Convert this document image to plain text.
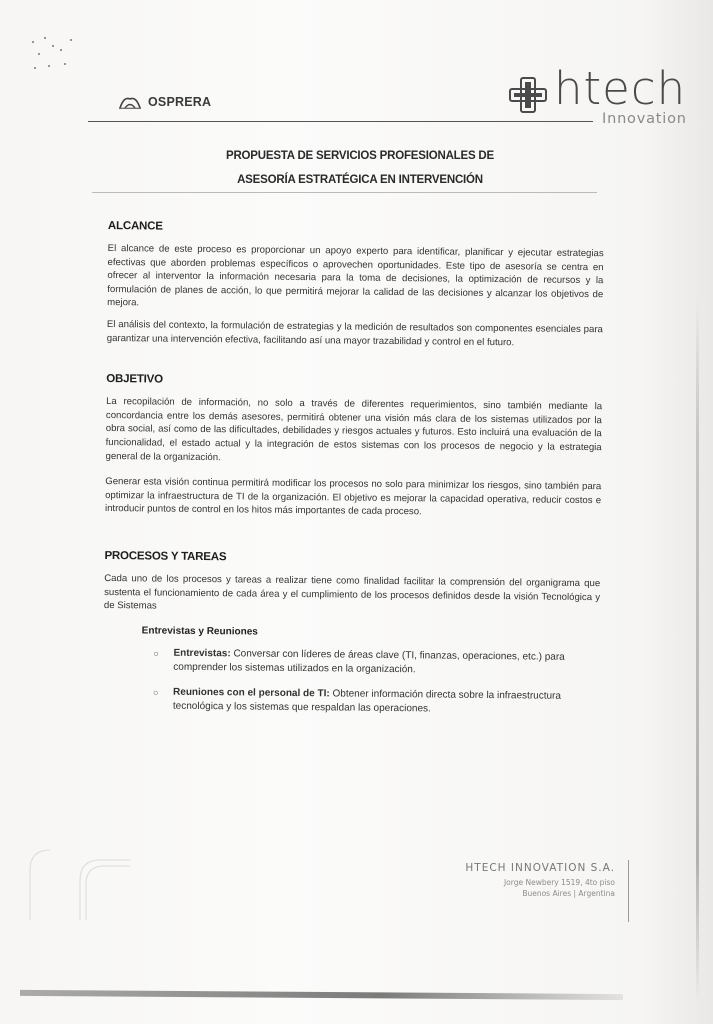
OSPRERA	htech
Innovation
PROPUESTA DE SERVICIOS PROFESIONALES DE
ASESORÍA ESTRATÉGICA EN INTERVENCIÓN
ALCANCE

El alcance de este proceso es proporcionar un apoyo experto para identificar, planificar y ejecutar estrategias efectivas que aborden problemas específicos o aprovechen oportunidades. Este tipo de asesoría se centra en ofrecer al interventor la información necesaria para la toma de decisiones, la optimización de recursos y la formulación de planes de acción, lo que permitirá mejorar la calidad de las decisiones y alcanzar los objetivos de mejora.

El análisis del contexto, la formulación de estrategias y la medición de resultados son componentes esenciales para garantizar una intervención efectiva, facilitando así una mayor trazabilidad y control en el futuro.

OBJETIVO

La recopilación de información, no solo a través de diferentes requerimientos, sino también mediante la concordancia entre los demás asesores, permitirá obtener una visión más clara de los sistemas utilizados por la obra social, así como de las dificultades, debilidades y riesgos actuales y futuros. Esto incluirá una evaluación de la funcionalidad, el estado actual y la integración de estos sistemas con los procesos de negocio y la estrategia general de la organización.

Generar esta visión continua permitirá modificar los procesos no solo para minimizar los riesgos, sino también para optimizar la infraestructura de TI de la organización. El objetivo es mejorar la capacidad operativa, reducir costos e introducir puntos de control en los hitos más importantes de cada proceso.

PROCESOS Y TAREAS

Cada uno de los procesos y tareas a realizar tiene como finalidad facilitar la comprensión del organigrama que sustenta el funcionamiento de cada área y el cumplimiento de los procesos definidos desde la visión Tecnológica y de Sistemas

Entrevistas y Reuniones
○ Entrevistas: Conversar con líderes de áreas clave (TI, finanzas, operaciones, etc.) para comprender los sistemas utilizados en la organización.
○ Reuniones con el personal de TI: Obtener información directa sobre la infraestructura tecnológica y los sistemas que respaldan las operaciones.
HTECH INNOVATION S.A.
Jorge Newbery 1519, 4to piso
Buenos Aires | Argentina
